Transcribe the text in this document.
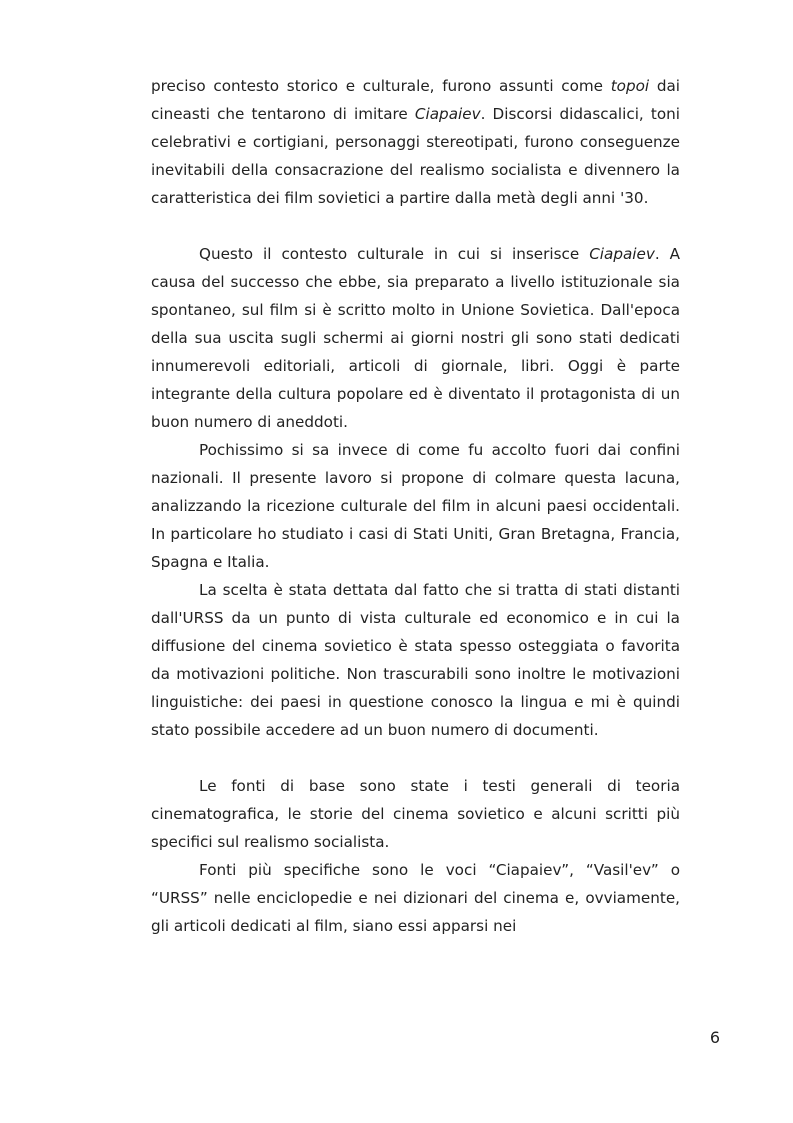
preciso contesto storico e culturale, furono assunti come topoi dai cineasti che tentarono di imitare Ciapaiev. Discorsi didascalici, toni celebrativi e cortigiani, personaggi stereotipati, furono conseguenze inevitabili della consacrazione del realismo socialista e divennero la caratteristica dei film sovietici a partire dalla metà degli anni '30.

Questo il contesto culturale in cui si inserisce Ciapaiev. A causa del successo che ebbe, sia preparato a livello istituzionale sia spontaneo, sul film si è scritto molto in Unione Sovietica. Dall'epoca della sua uscita sugli schermi ai giorni nostri gli sono stati dedicati innumerevoli editoriali, articoli di giornale, libri. Oggi è parte integrante della cultura popolare ed è diventato il protagonista di un buon numero di aneddoti.

Pochissimo si sa invece di come fu accolto fuori dai confini nazionali. Il presente lavoro si propone di colmare questa lacuna, analizzando la ricezione culturale del film in alcuni paesi occidentali. In particolare ho studiato i casi di Stati Uniti, Gran Bretagna, Francia, Spagna e Italia.

La scelta è stata dettata dal fatto che si tratta di stati distanti dall'URSS da un punto di vista culturale ed economico e in cui la diffusione del cinema sovietico è stata spesso osteggiata o favorita da motivazioni politiche. Non trascurabili sono inoltre le motivazioni linguistiche: dei paesi in questione conosco la lingua e mi è quindi stato possibile accedere ad un buon numero di documenti.

Le fonti di base sono state i testi generali di teoria cinematografica, le storie del cinema sovietico e alcuni scritti più specifici sul realismo socialista.

Fonti più specifiche sono le voci “Ciapaiev”, “Vasil'ev” o “URSS” nelle enciclopedie e nei dizionari del cinema e, ovviamente, gli articoli dedicati al film, siano essi apparsi nei

6
